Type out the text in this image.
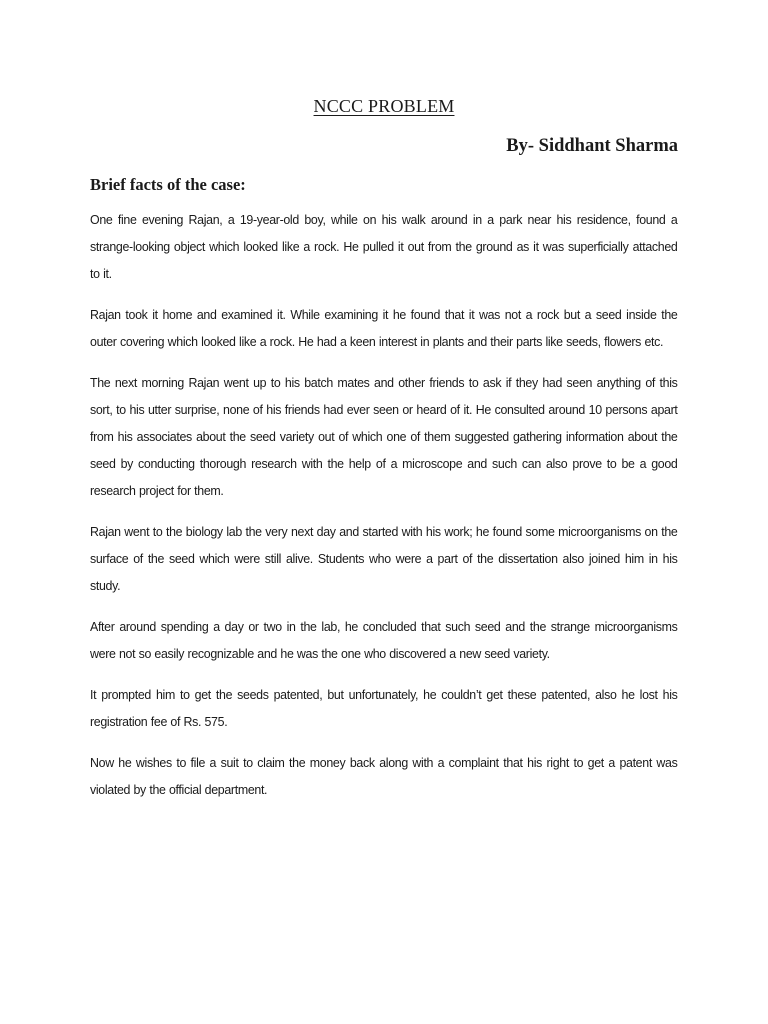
NCCC PROBLEM
By- Siddhant Sharma
Brief facts of the case:

One fine evening Rajan, a 19-year-old boy, while on his walk around in a park near his residence, found a strange-looking object which looked like a rock. He pulled it out from the ground as it was superficially attached to it.

Rajan took it home and examined it. While examining it he found that it was not a rock but a seed inside the outer covering which looked like a rock. He had a keen interest in plants and their parts like seeds, flowers etc.

The next morning Rajan went up to his batch mates and other friends to ask if they had seen anything of this sort, to his utter surprise, none of his friends had ever seen or heard of it. He consulted around 10 persons apart from his associates about the seed variety out of which one of them suggested gathering information about the seed by conducting thorough research with the help of a microscope and such can also prove to be a good research project for them.

Rajan went to the biology lab the very next day and started with his work; he found some microorganisms on the surface of the seed which were still alive. Students who were a part of the dissertation also joined him in his study.

After around spending a day or two in the lab, he concluded that such seed and the strange microorganisms were not so easily recognizable and he was the one who discovered a new seed variety.

It prompted him to get the seeds patented, but unfortunately, he couldn’t get these patented, also he lost his registration fee of Rs. 575.

Now he wishes to file a suit to claim the money back along with a complaint that his right to get a patent was violated by the official department.
